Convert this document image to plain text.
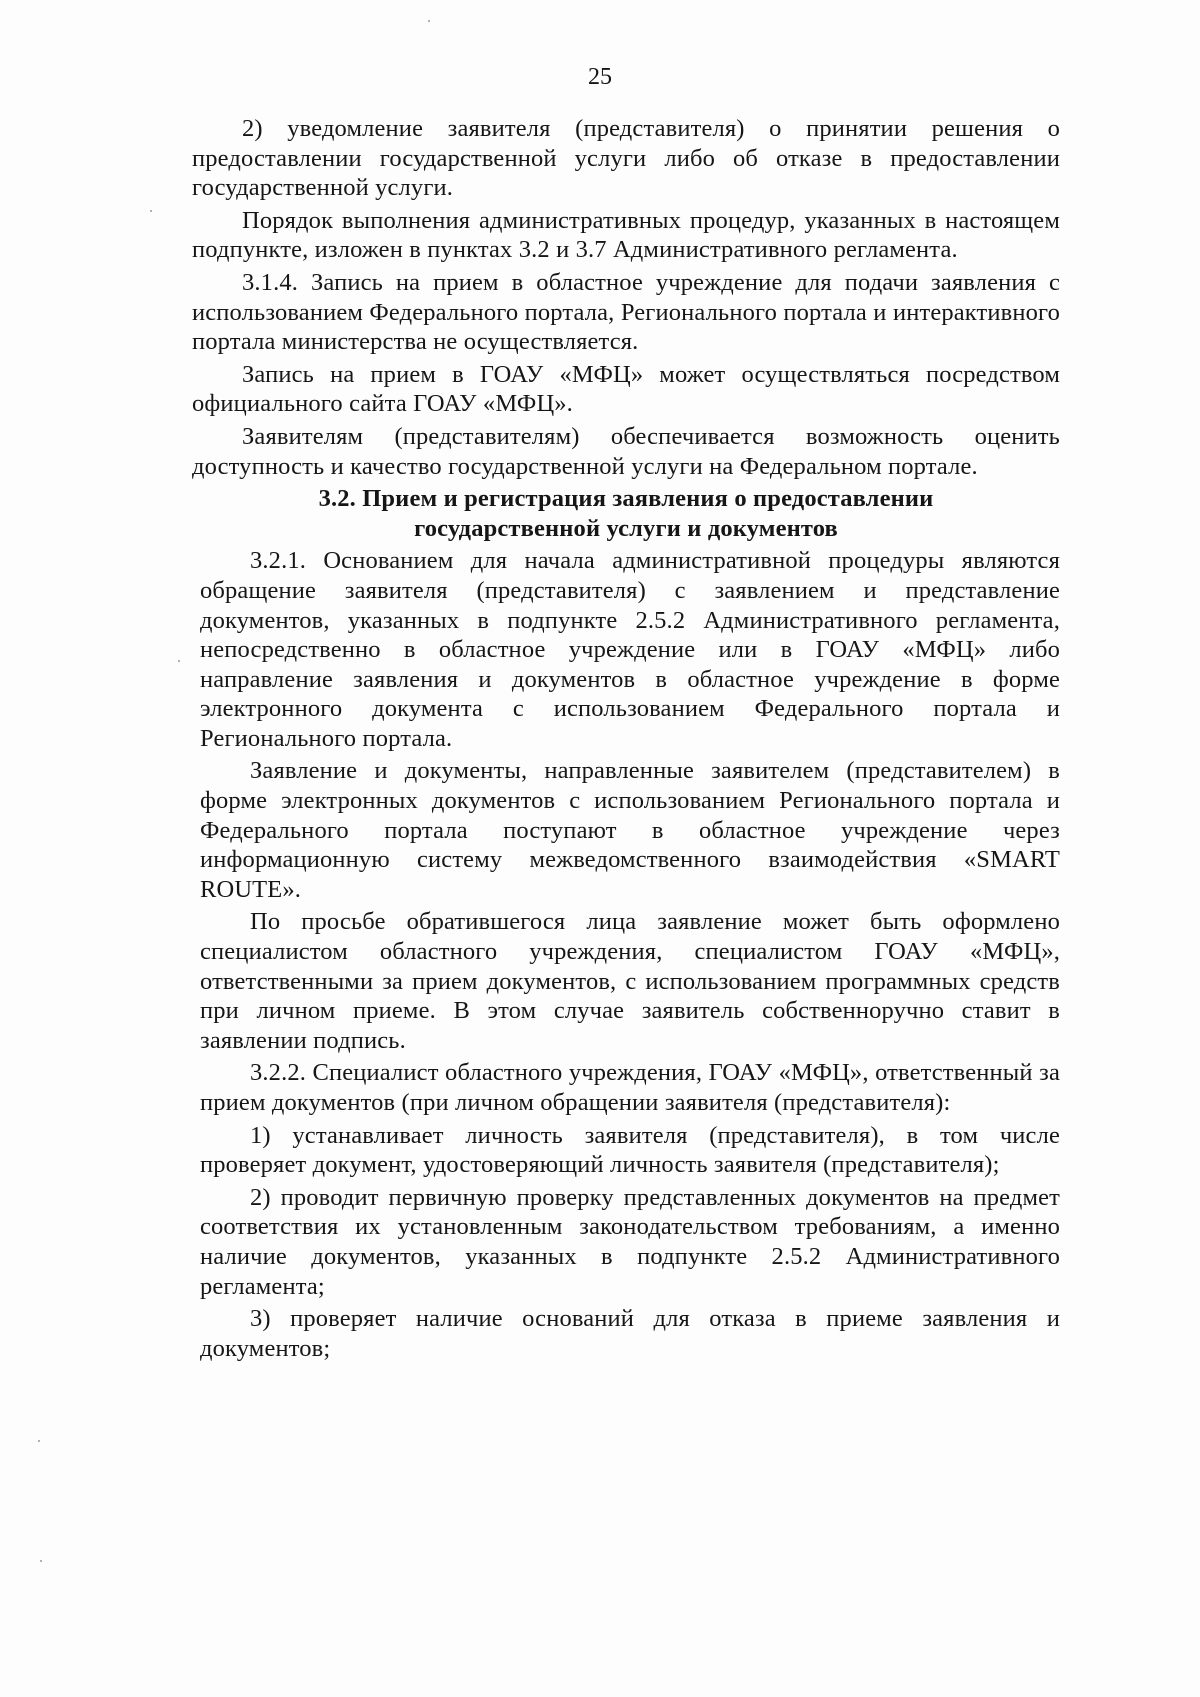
25

2) уведомление заявителя (представителя) о принятии решения о предоставлении государственной услуги либо об отказе в предоставлении государственной услуги.

Порядок выполнения административных процедур, указанных в настоящем подпункте, изложен в пунктах 3.2 и 3.7 Административного регламента.

3.1.4. Запись на прием в областное учреждение для подачи заявления с использованием Федерального портала, Регионального портала и интерактивного портала министерства не осуществляется.

Запись на прием в ГОАУ «МФЦ» может осуществляться посредством официального сайта ГОАУ «МФЦ».

Заявителям (представителям) обеспечивается возможность оценить доступность и качество государственной услуги на Федеральном портале.

3.2. Прием и регистрация заявления о предоставлении
государственной услуги и документов

3.2.1. Основанием для начала административной процедуры являются обращение заявителя (представителя) с заявлением и представление документов, указанных в подпункте 2.5.2 Административного регламента, непосредственно в областное учреждение или в ГОАУ «МФЦ» либо направление заявления и документов в областное учреждение в форме электронного документа с использованием Федерального портала и Регионального портала.

Заявление и документы, направленные заявителем (представителем) в форме электронных документов с использованием Регионального портала и Федерального портала поступают в областное учреждение через информационную систему межведомственного взаимодействия «SMART ROUTE».

По просьбе обратившегося лица заявление может быть оформлено специалистом областного учреждения, специалистом ГОАУ «МФЦ», ответственными за прием документов, с использованием программных средств при личном приеме. В этом случае заявитель собственноручно ставит в заявлении подпись.

3.2.2. Специалист областного учреждения, ГОАУ «МФЦ», ответственный за прием документов (при личном обращении заявителя (представителя):

1) устанавливает личность заявителя (представителя), в том числе проверяет документ, удостоверяющий личность заявителя (представителя);

2) проводит первичную проверку представленных документов на предмет соответствия их установленным законодательством требованиям, а именно наличие документов, указанных в подпункте 2.5.2 Административного регламента;

3) проверяет наличие оснований для отказа в приеме заявления и документов;
